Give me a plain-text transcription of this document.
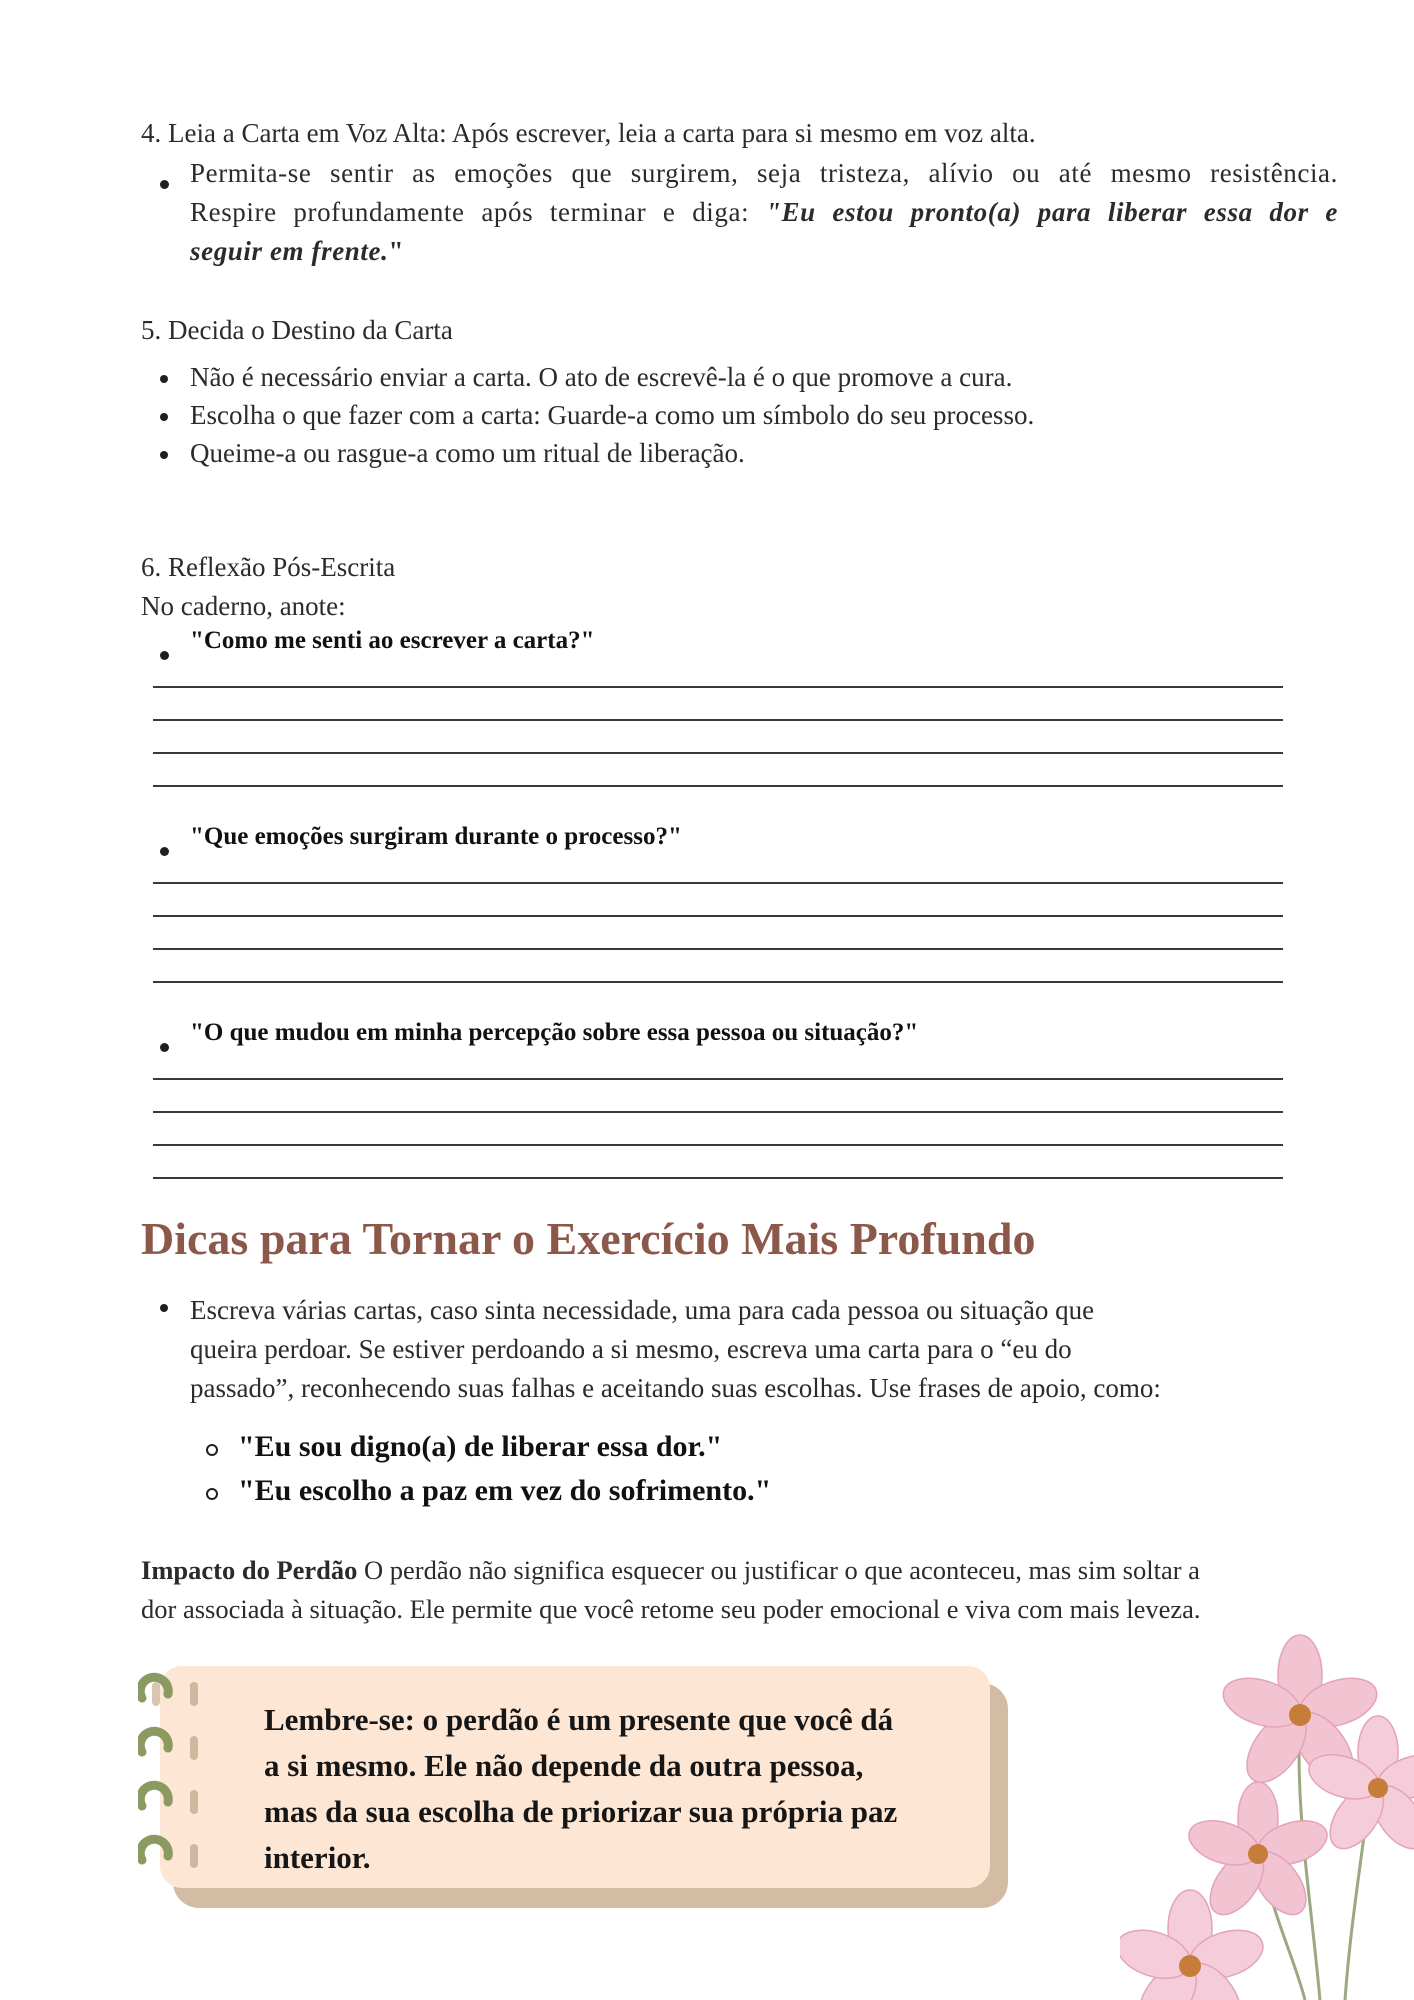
4. Leia a Carta em Voz Alta: Após escrever, leia a carta para si mesmo em voz alta.
Permita-se sentir as emoções que surgirem, seja tristeza, alívio ou até mesmo resistência.
Respire profundamente após terminar e diga: "Eu estou pronto(a) para liberar essa dor e
seguir em frente."
5. Decida o Destino da Carta
Não é necessário enviar a carta. O ato de escrevê-la é o que promove a cura.
Escolha o que fazer com a carta: Guarde-a como um símbolo do seu processo.
Queime-a ou rasgue-a como um ritual de liberação.
6. Reflexão Pós-Escrita
No caderno, anote:
"Como me senti ao escrever a carta?"
"Que emoções surgiram durante o processo?"
"O que mudou em minha percepção sobre essa pessoa ou situação?"
Dicas para Tornar o Exercício Mais Profundo
Escreva várias cartas, caso sinta necessidade, uma para cada pessoa ou situação que
queira perdoar. Se estiver perdoando a si mesmo, escreva uma carta para o “eu do
passado”, reconhecendo suas falhas e aceitando suas escolhas. Use frases de apoio, como:
"Eu sou digno(a) de liberar essa dor."
"Eu escolho a paz em vez do sofrimento."
Impacto do Perdão O perdão não significa esquecer ou justificar o que aconteceu, mas sim soltar a
dor associada à situação. Ele permite que você retome seu poder emocional e viva com mais leveza.
Lembre-se: o perdão é um presente que você dá
a si mesmo. Ele não depende da outra pessoa,
mas da sua escolha de priorizar sua própria paz
interior.
